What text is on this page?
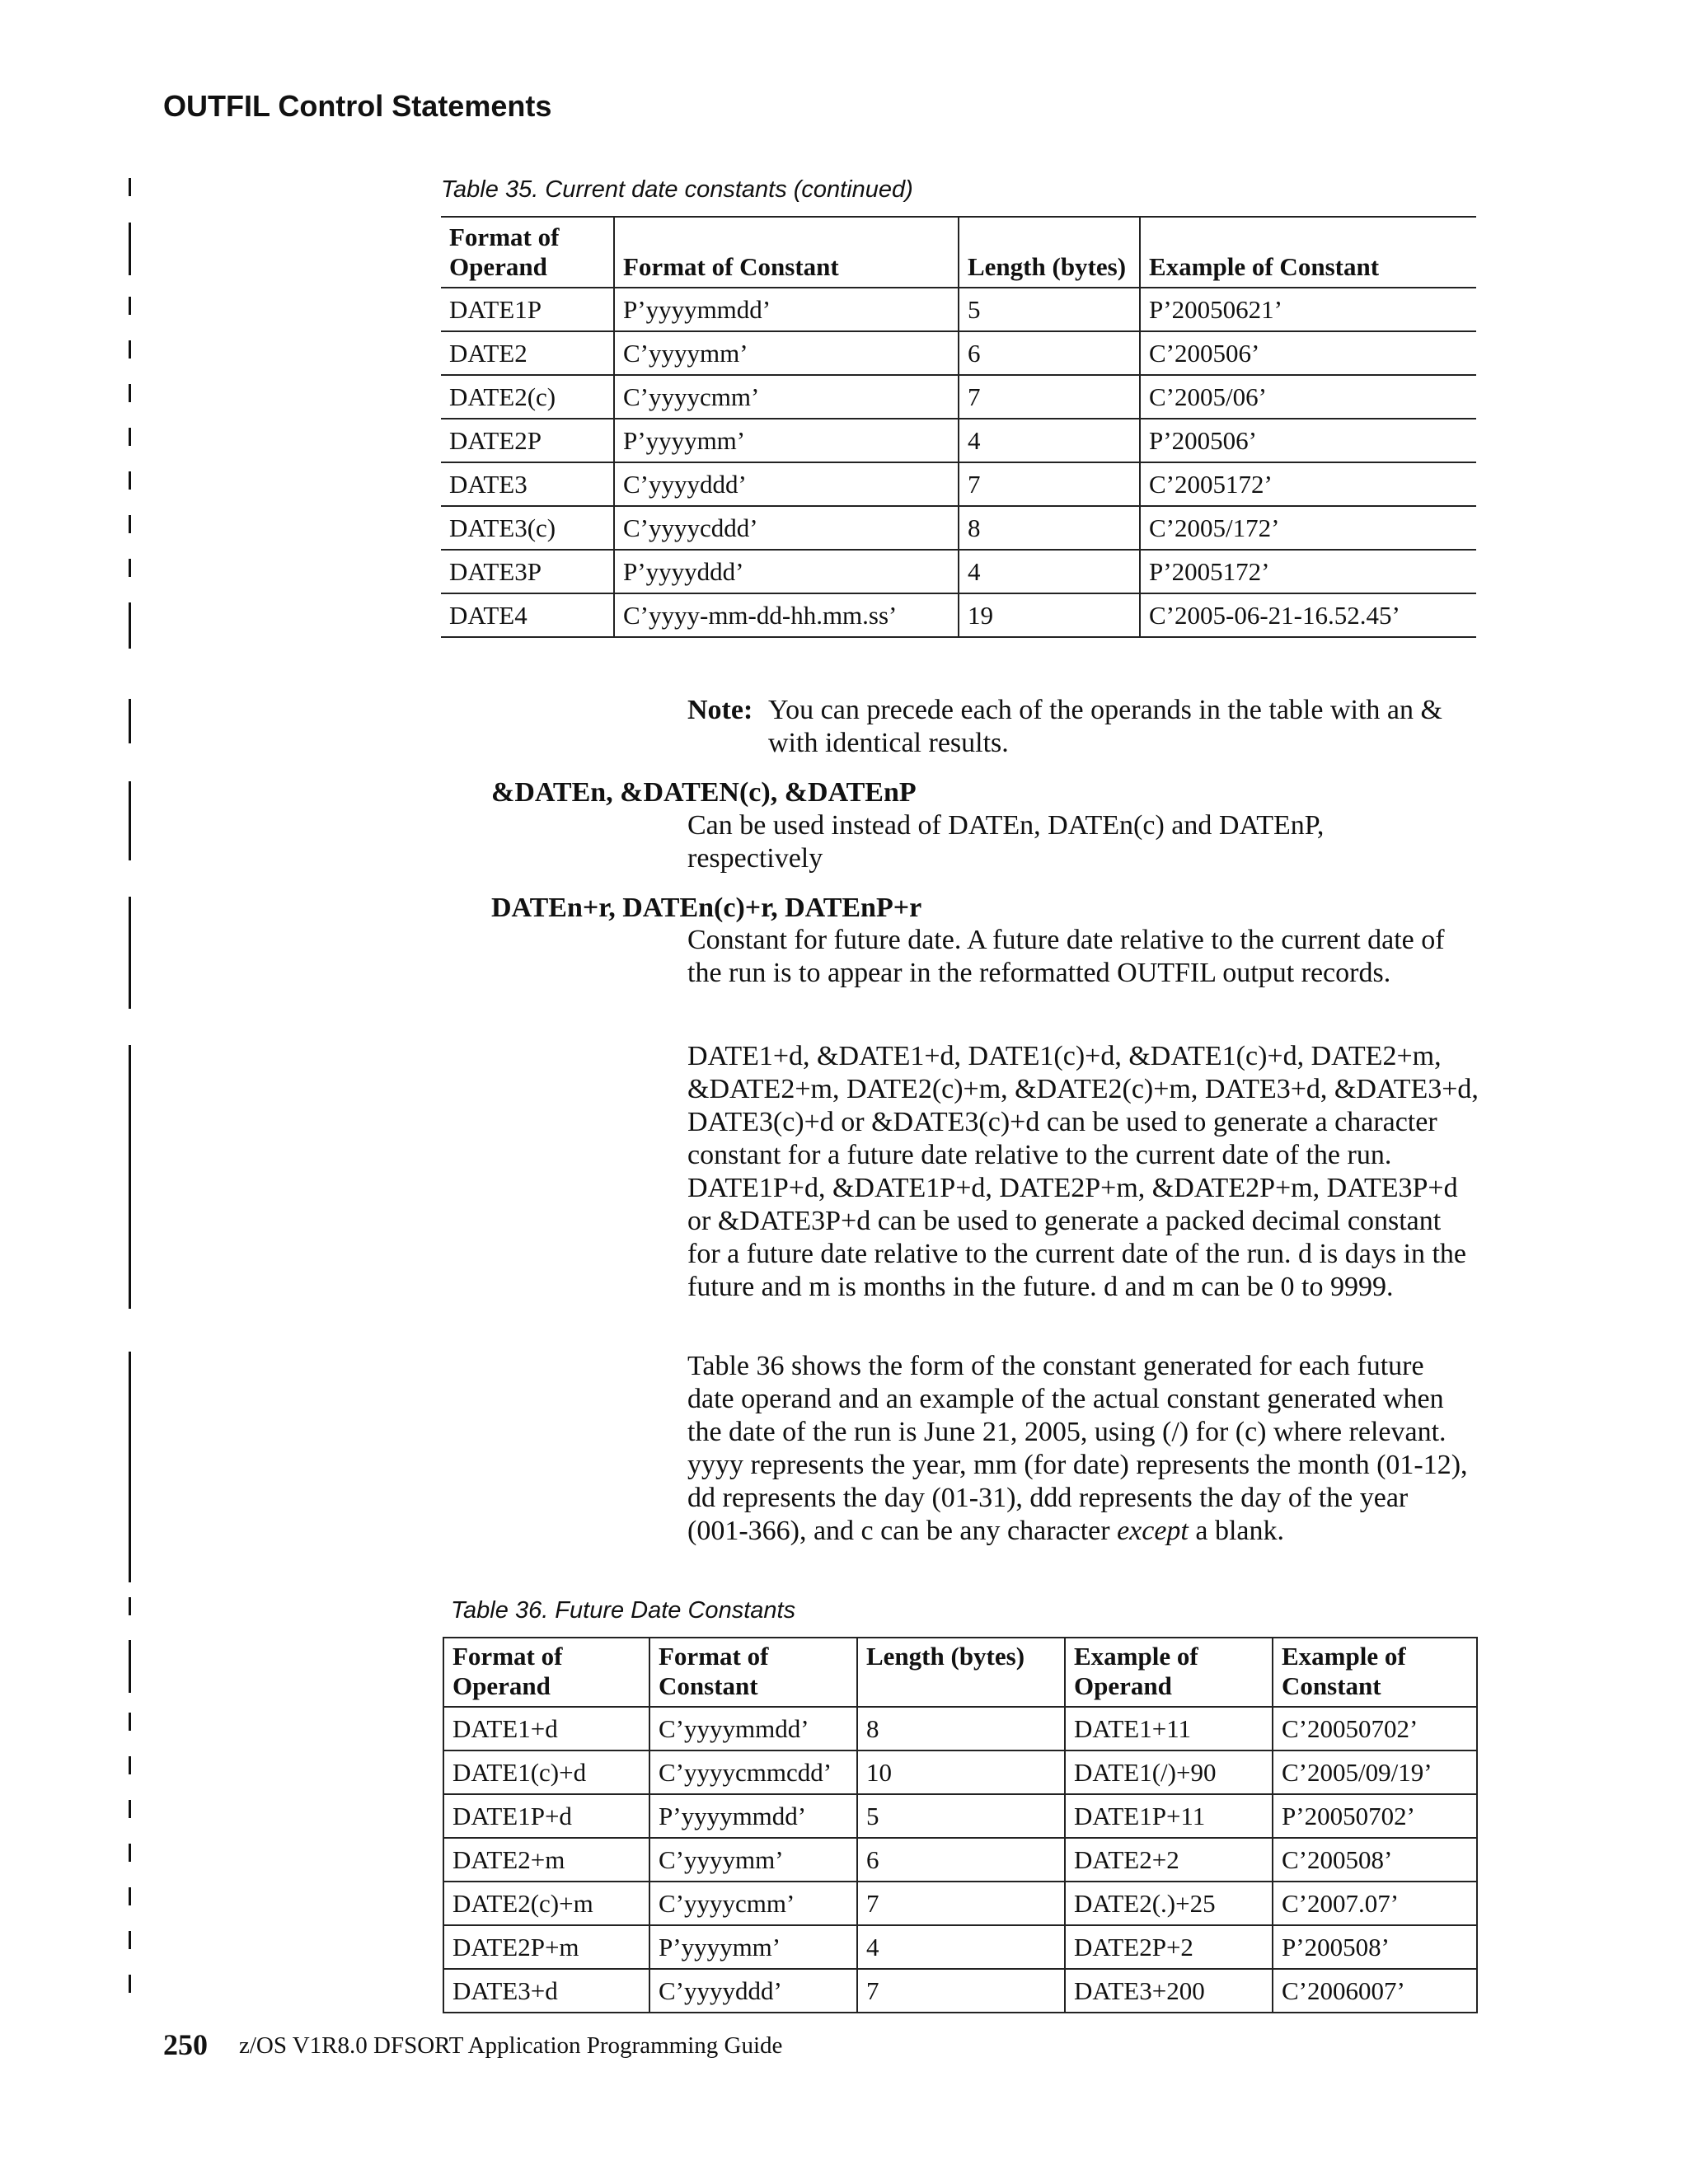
OUTFIL Control Statements
Table 35. Current date constants (continued)
Format of Operand	Format of Constant	Length (bytes)	Example of Constant
DATE1P	P’yyyymmdd’	5	P’20050621’
DATE2	C’yyyymm’	6	C’200506’
DATE2(c)	C’yyyycmm’	7	C’2005/06’
DATE2P	P’yyyymm’	4	P’200506’
DATE3	C’yyyyddd’	7	C’2005172’
DATE3(c)	C’yyyycddd’	8	C’2005/172’
DATE3P	P’yyyyddd’	4	P’2005172’
DATE4	C’yyyy-mm-dd-hh.mm.ss’	19	C’2005-06-21-16.52.45’
Note: You can precede each of the operands in the table with an & with identical results.
&DATEn, &DATEN(c), &DATEnP
Can be used instead of DATEn, DATEn(c) and DATEnP, respectively
DATEn+r, DATEn(c)+r, DATEnP+r
Constant for future date. A future date relative to the current date of the run is to appear in the reformatted OUTFIL output records.
DATE1+d, &DATE1+d, DATE1(c)+d, &DATE1(c)+d, DATE2+m, &DATE2+m, DATE2(c)+m, &DATE2(c)+m, DATE3+d, &DATE3+d, DATE3(c)+d or &DATE3(c)+d can be used to generate a character constant for a future date relative to the current date of the run. DATE1P+d, &DATE1P+d, DATE2P+m, &DATE2P+m, DATE3P+d or &DATE3P+d can be used to generate a packed decimal constant for a future date relative to the current date of the run. d is days in the future and m is months in the future. d and m can be 0 to 9999.
Table 36 shows the form of the constant generated for each future date operand and an example of the actual constant generated when the date of the run is June 21, 2005, using (/) for (c) where relevant. yyyy represents the year, mm (for date) represents the month (01-12), dd represents the day (01-31), ddd represents the day of the year (001-366), and c can be any character except a blank.
Table 36. Future Date Constants
Format of Operand	Format of Constant	Length (bytes)	Example of Operand	Example of Constant
DATE1+d	C’yyyymmdd’	8	DATE1+11	C’20050702’
DATE1(c)+d	C’yyyycmmcdd’	10	DATE1(/)+90	C’2005/09/19’
DATE1P+d	P’yyyymmdd’	5	DATE1P+11	P’20050702’
DATE2+m	C’yyyymm’	6	DATE2+2	C’200508’
DATE2(c)+m	C’yyyycmm’	7	DATE2(.)+25	C’2007.07’
DATE2P+m	P’yyyymm’	4	DATE2P+2	P’200508’
DATE3+d	C’yyyyddd’	7	DATE3+200	C’2006007’
250 z/OS V1R8.0 DFSORT Application Programming Guide
